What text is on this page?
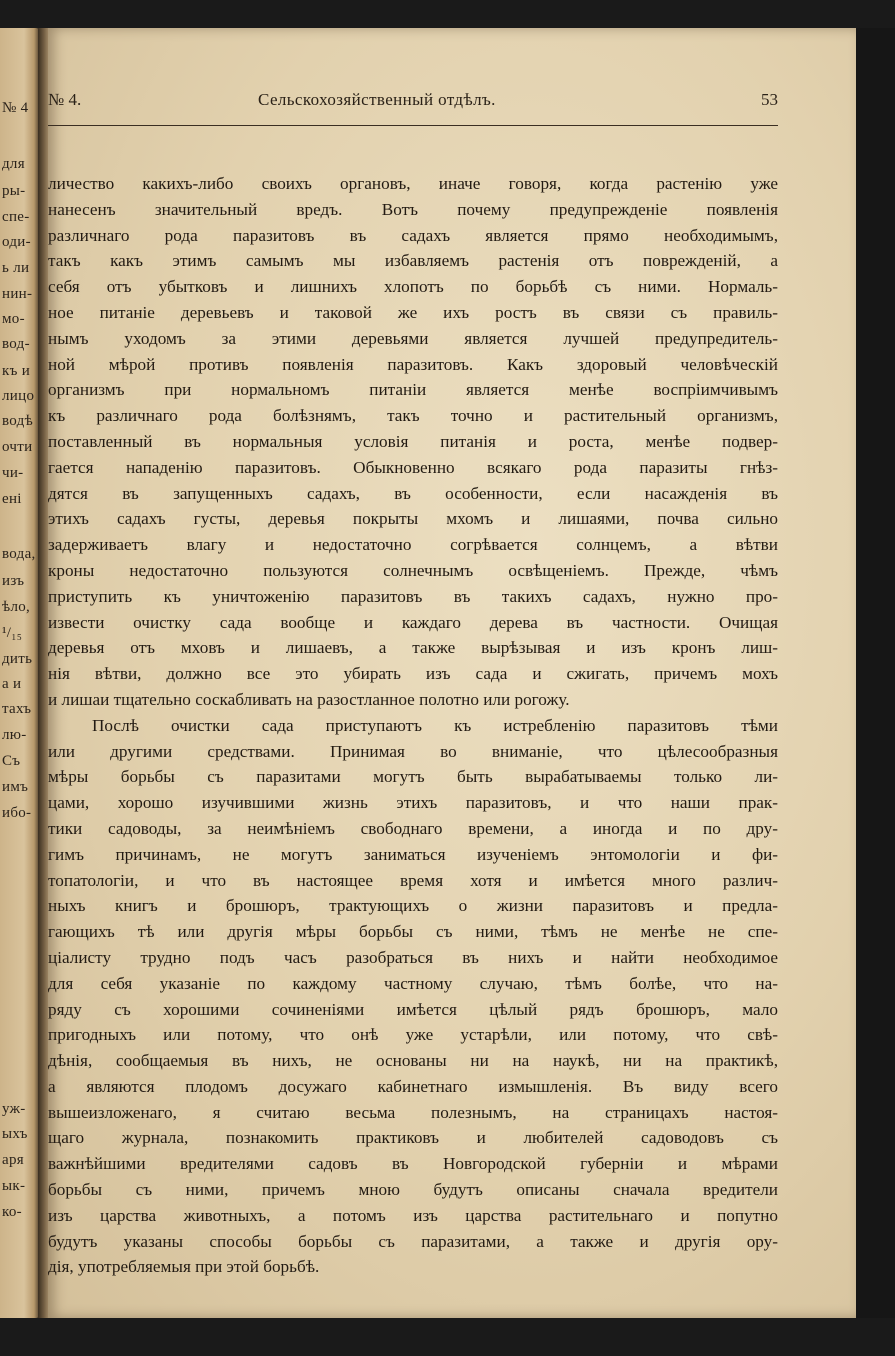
№ 4
для
ры-
спе-
оди-
ь ли
нин-
мо-
вод-
къ и
лицо
водѣ
очти
чи-
ені
вода,
изъ
ѣло,
¹/₁₅
дить
а и
тахъ
лю-
Съ
имъ
ибо-
уж-
ыхъ
аря
ык-
ко-
№ 4.	Сельскохозяйственный отдѣлъ.	53
личество какихъ-либо своихъ органовъ, иначе говоря, когда растенію уже
нанесенъ значительный вредъ. Вотъ почему предупрежденіе появленія
различнаго рода паразитовъ въ садахъ является прямо необходимымъ,
такъ какъ этимъ самымъ мы избавляемъ растенія отъ поврежденій, а
себя отъ убытковъ и лишнихъ хлопотъ по борьбѣ съ ними. Нормаль-
ное питаніе деревьевъ и таковой же ихъ ростъ въ связи съ правиль-
нымъ уходомъ за этими деревьями является лучшей предупредитель-
ной мѣрой противъ появленія паразитовъ. Какъ здоровый человѣческій
организмъ при нормальномъ питаніи является менѣе воспріимчивымъ
къ различнаго рода болѣзнямъ, такъ точно и растительный организмъ,
поставленный въ нормальныя условія питанія и роста, менѣе подвер-
гается нападенію паразитовъ. Обыкновенно всякаго рода паразиты гнѣз-
дятся въ запущенныхъ садахъ, въ особенности, если насажденія въ
этихъ садахъ густы, деревья покрыты мхомъ и лишаями, почва сильно
задерживаетъ влагу и недостаточно согрѣвается солнцемъ, а вѣтви
кроны недостаточно пользуются солнечнымъ освѣщеніемъ. Прежде, чѣмъ
приступить къ уничтоженію паразитовъ въ такихъ садахъ, нужно про-
извести очистку сада вообще и каждаго дерева въ частности. Очищая
деревья отъ мховъ и лишаевъ, а также вырѣзывая и изъ кронъ лиш-
нія вѣтви, должно все это убирать изъ сада и сжигать, причемъ мохъ
и лишаи тщательно соскабливать на разостланное полотно или рогожу.
Послѣ очистки сада приступаютъ къ истребленію паразитовъ тѣми
или другими средствами. Принимая во вниманіе, что цѣлесообразныя
мѣры борьбы съ паразитами могутъ быть вырабатываемы только ли-
цами, хорошо изучившими жизнь этихъ паразитовъ, и что наши прак-
тики садоводы, за неимѣніемъ свободнаго времени, а иногда и по дру-
гимъ причинамъ, не могутъ заниматься изученіемъ энтомологіи и фи-
топатологіи, и что въ настоящее время хотя и имѣется много различ-
ныхъ книгъ и брошюръ, трактующихъ о жизни паразитовъ и предла-
гающихъ тѣ или другія мѣры борьбы съ ними, тѣмъ не менѣе не спе-
ціалисту трудно подъ часъ разобраться въ нихъ и найти необходимое
для себя указаніе по каждому частному случаю, тѣмъ болѣе, что на-
ряду съ хорошими сочиненіями имѣется цѣлый рядъ брошюръ, мало
пригодныхъ или потому, что онѣ уже устарѣли, или потому, что свѣ-
дѣнія, сообщаемыя въ нихъ, не основаны ни на наукѣ, ни на практикѣ,
а являются плодомъ досужаго кабинетнаго измышленія. Въ виду всего
вышеизложенаго, я считаю весьма полезнымъ, на страницахъ настоя-
щаго журнала, познакомить практиковъ и любителей садоводовъ съ
важнѣйшими вредителями садовъ въ Новгородской губерніи и мѣрами
борьбы съ ними, причемъ мною будутъ описаны сначала вредители
изъ царства животныхъ, а потомъ изъ царства растительнаго и попутно
будутъ указаны способы борьбы съ паразитами, а также и другія ору-
дія, употребляемыя при этой борьбѣ.
